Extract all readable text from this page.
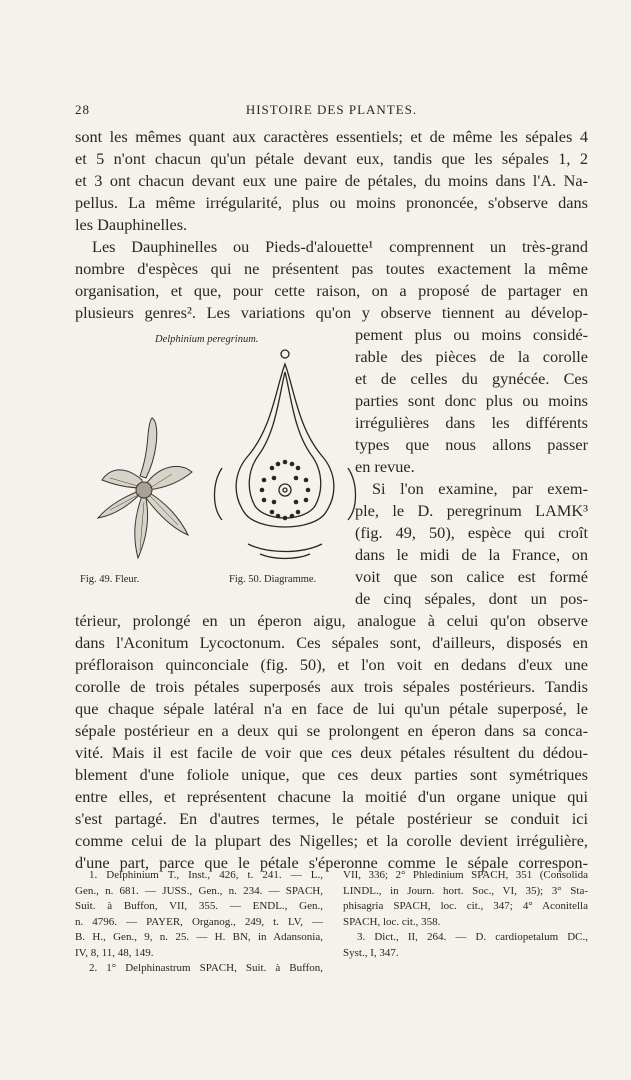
28	HISTOIRE DES PLANTES.
sont les mêmes quant aux caractères essentiels; et de même les sépales 4
et 5 n'ont chacun qu'un pétale devant eux, tandis que les sépales 1, 2
et 3 ont chacun devant eux une paire de pétales, du moins dans l'A. Na-
pellus. La même irrégularité, plus ou moins prononcée, s'observe dans
les Dauphinelles.
Les Dauphinelles ou Pieds-d'alouette¹ comprennent un très-grand
nombre d'espèces qui ne présentent pas toutes exactement la même
organisation, et que, pour cette raison, on a proposé de partager en
plusieurs genres². Les variations qu'on y observe tiennent au dévelop-
pement plus ou moins considé-
rable des pièces de la corolle
et de celles du gynécée. Ces
parties sont donc plus ou moins
irrégulières dans les différents
types que nous allons passer
en revue.
Si l'on examine, par exem-
ple, le D. peregrinum LAMK³
(fig. 49, 50), espèce qui croît
dans le midi de la France, on
voit que son calice est formé
de cinq sépales, dont un pos-
térieur, prolongé en un éperon aigu, analogue à celui qu'on observe
dans l'Aconitum Lycoctonum. Ces sépales sont, d'ailleurs, disposés en
préfloraison quinconciale (fig. 50), et l'on voit en dedans d'eux une
corolle de trois pétales superposés aux trois sépales postérieurs. Tandis
que chaque sépale latéral n'a en face de lui qu'un pétale superposé, le
sépale postérieur en a deux qui se prolongent en éperon dans sa conca-
vité. Mais il est facile de voir que ces deux pétales résultent du dédou-
blement d'une foliole unique, que ces deux parties sont symétriques
entre elles, et représentent chacune la moitié d'un organe unique qui
s'est partagé. En d'autres termes, le pétale postérieur se conduit ici
comme celui de la plupart des Nigelles; et la corolle devient irrégulière,
d'une part, parce que le pétale s'éperonne comme le sépale correspon-
Delphinium peregrinum.
Fig. 49. Fleur.	Fig. 50. Diagramme.
1. Delphinium T., Inst., 426, t. 241. — L.,
Gen., n. 681. — JUSS., Gen., n. 234. — SPACH,
Suit. à Buffon, VII, 355. — ENDL., Gen.,
n. 4796. — PAYER, Organog., 249, t. LV, —
B. H., Gen., 9, n. 25. — H. BN, in Adansonia,
IV, 8, 11, 48, 149.
2. 1° Delphinastrum SPACH, Suit. à Buffon,
VII, 336; 2° Phledinium SPACH, 351 (Consolida
LINDL., in Journ. hort. Soc., VI, 35); 3° Sta-
phisagria SPACH, loc. cit., 347; 4° Aconitella
SPACH, loc. cit., 358.
3. Dict., II, 264. — D. cardiopetalum DC.,
Syst., I, 347.
